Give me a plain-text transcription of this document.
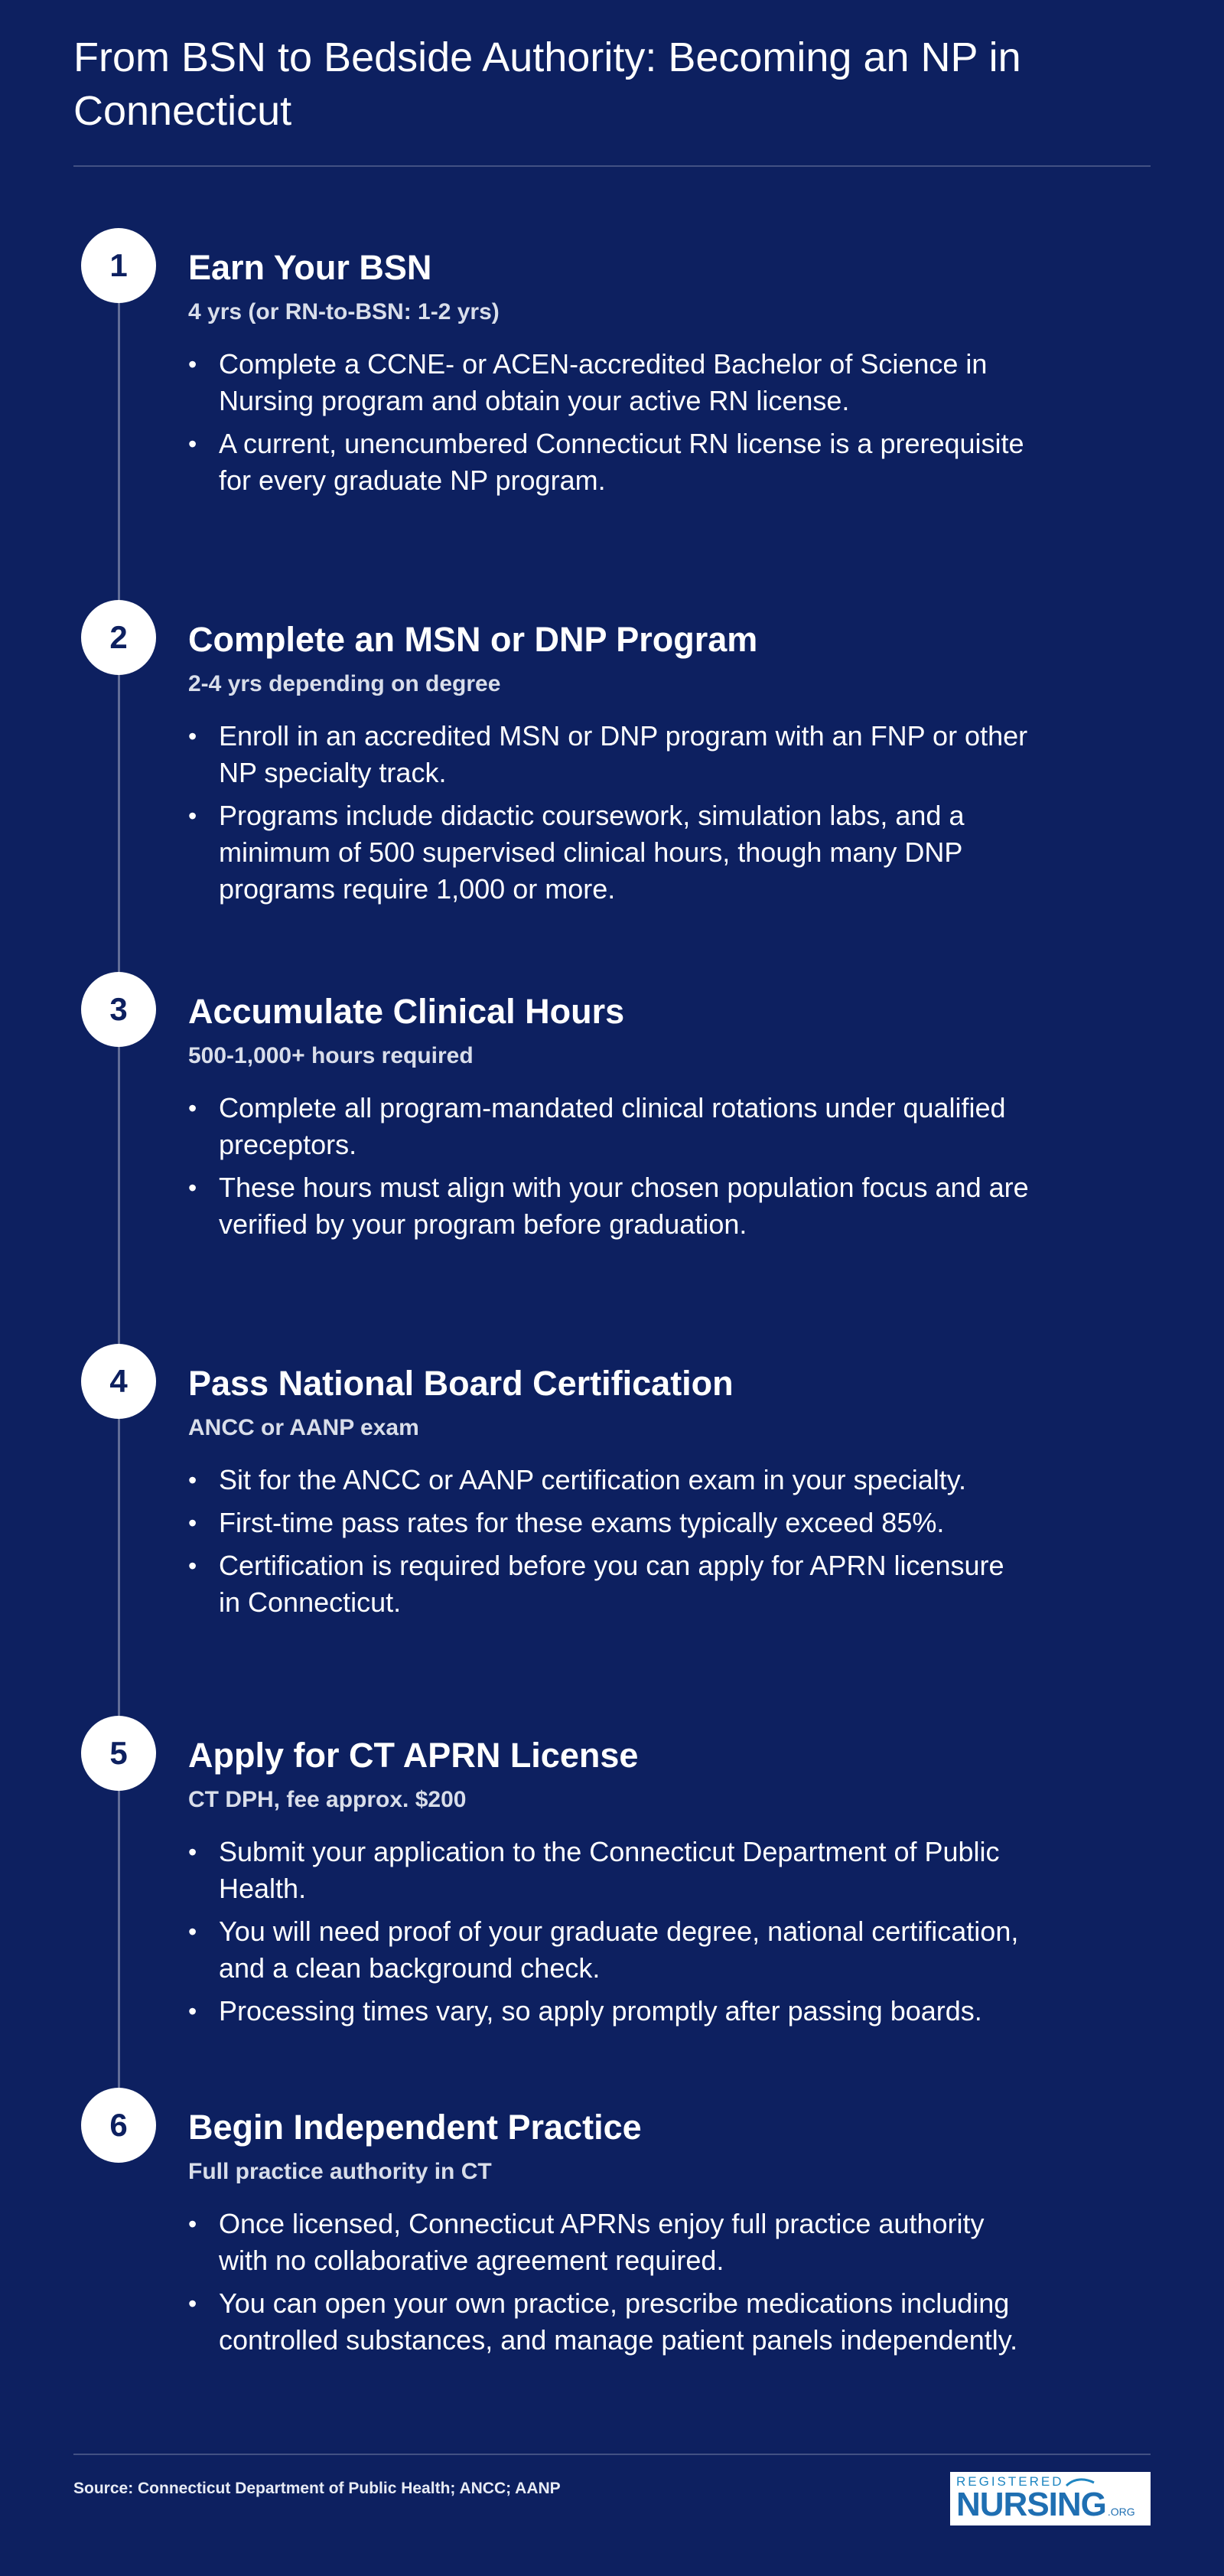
From BSN to Bedside Authority: Becoming an NP in Connecticut
1	Earn Your BSN
4 yrs (or RN-to-BSN: 1-2 yrs)
• Complete a CCNE- or ACEN-accredited Bachelor of Science in Nursing program and obtain your active RN license.
• A current, unencumbered Connecticut RN license is a prerequisite for every graduate NP program.
2	Complete an MSN or DNP Program
2-4 yrs depending on degree
• Enroll in an accredited MSN or DNP program with an FNP or other NP specialty track.
• Programs include didactic coursework, simulation labs, and a minimum of 500 supervised clinical hours, though many DNP programs require 1,000 or more.
3	Accumulate Clinical Hours
500-1,000+ hours required
• Complete all program-mandated clinical rotations under qualified preceptors.
• These hours must align with your chosen population focus and are verified by your program before graduation.
4	Pass National Board Certification
ANCC or AANP exam
• Sit for the ANCC or AANP certification exam in your specialty.
• First-time pass rates for these exams typically exceed 85%.
• Certification is required before you can apply for APRN licensure in Connecticut.
5	Apply for CT APRN License
CT DPH, fee approx. $200
• Submit your application to the Connecticut Department of Public Health.
• You will need proof of your graduate degree, national certification, and a clean background check.
• Processing times vary, so apply promptly after passing boards.
6	Begin Independent Practice
Full practice authority in CT
• Once licensed, Connecticut APRNs enjoy full practice authority with no collaborative agreement required.
• You can open your own practice, prescribe medications including controlled substances, and manage patient panels independently.
Source: Connecticut Department of Public Health; ANCC; AANP	REGISTERED
NURSING .ORG
